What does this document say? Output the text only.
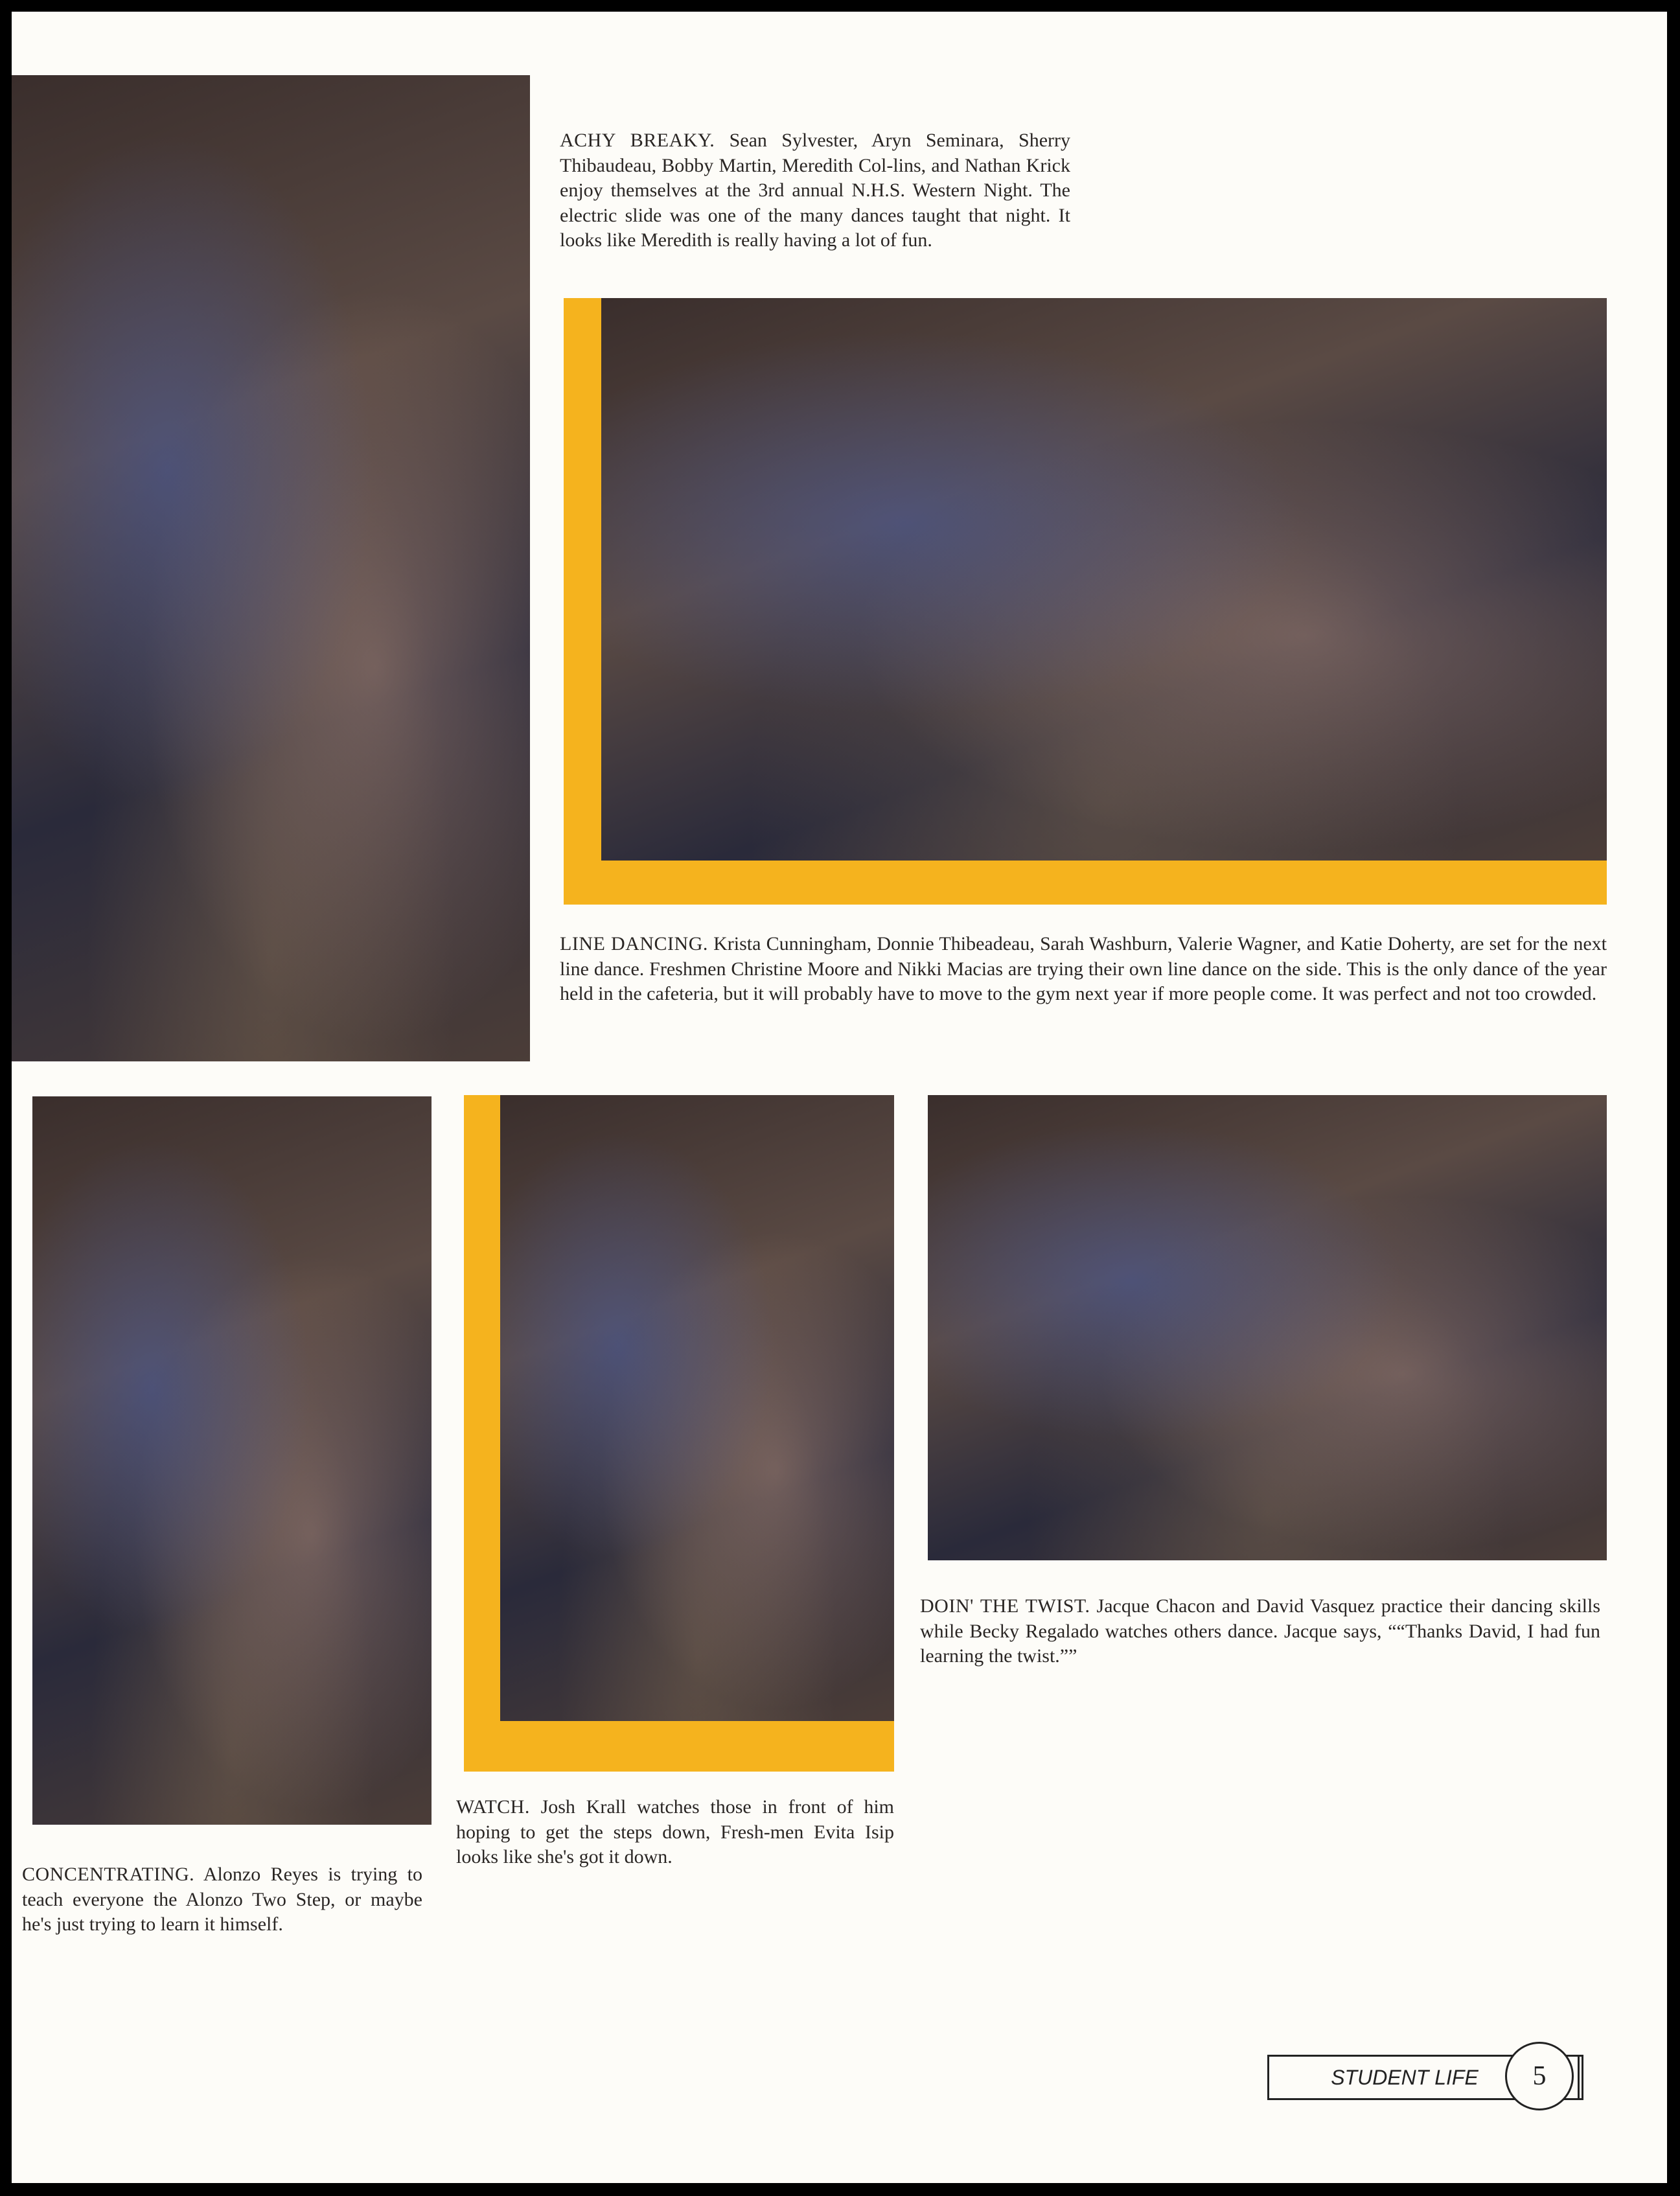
ACHY BREAKY. Sean Sylvester, Aryn Seminara, Sherry Thibaudeau, Bobby Martin, Meredith Col-lins, and Nathan Krick enjoy themselves at the 3rd annual N.H.S. Western Night. The electric slide was one of the many dances taught that night. It looks like Meredith is really having a lot of fun.

LINE DANCING. Krista Cunningham, Donnie Thibeadeau, Sarah Washburn, Valerie Wagner, and Katie Doherty, are set for the next line dance. Freshmen Christine Moore and Nikki Macias are trying their own line dance on the side. This is the only dance of the year held in the cafeteria, but it will probably have to move to the gym next year if more people come. It was perfect and not too crowded.

CONCENTRATING. Alonzo Reyes is trying to teach everyone the Alonzo Two Step, or maybe he's just trying to learn it himself.

WATCH. Josh Krall watches those in front of him hoping to get the steps down, Fresh-men Evita Isip looks like she's got it down.

DOIN' THE TWIST. Jacque Chacon and David Vasquez practice their dancing skills while Becky Regalado watches others dance. Jacque says, ““Thanks David, I had fun learning the twist.””

STUDENT LIFE	5
